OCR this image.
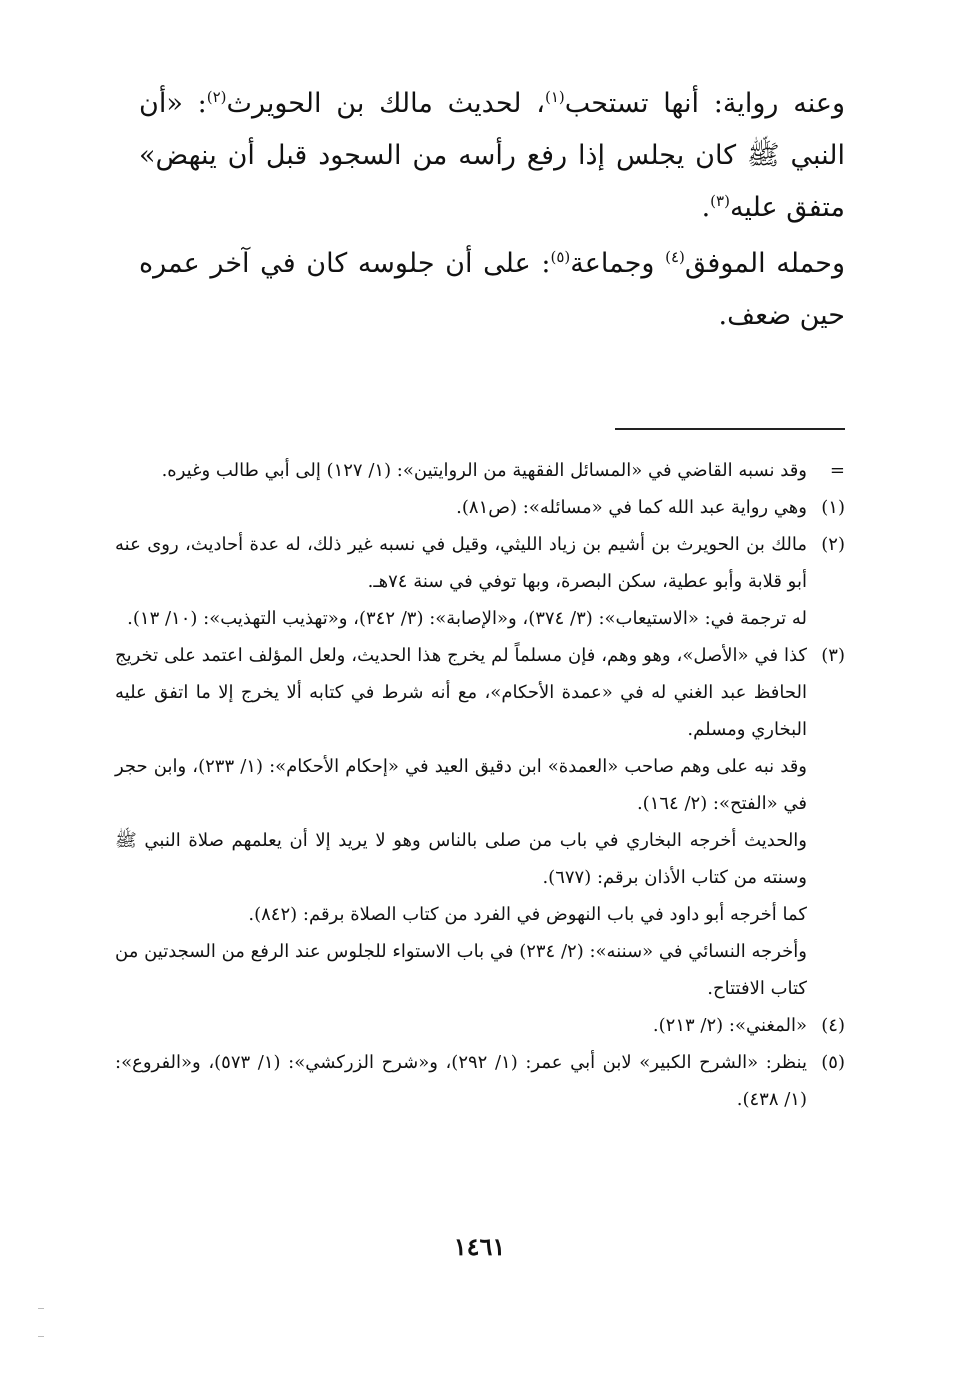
وعنه رواية: أنها تستحب$^{(١)}$، لحديث مالك بن الحويرث$^{(٢)}$: «أن النبي ﷺ كان يجلس إذا رفع رأسه من السجود قبل أن ينهض» متفق عليه$^{(٣)}$.

وحمله الموفق$^{(٤)}$ وجماعة$^{(٥)}$: على أن جلوسه كان في آخر عمره حين ضعف.

=

وقد نسبه القاضي في «المسائل الفقهية من الروايتين»: (١/ ١٢٧) إلى أبي طالب وغيره.

(١)

وهي رواية عبد الله كما في «مسائله»: (ص٨١).

(٢)

مالك بن الحويرث بن أشيم بن زياد الليثي، وقيل في نسبه غير ذلك، له عدة أحاديث، روى عنه أبو قلابة وأبو عطية، سكن البصرة، وبها توفي في سنة ٧٤هـ.

له ترجمة في: «الاستيعاب»: (٣/ ٣٧٤)، و«الإصابة»: (٣/ ٣٤٢)، و«تهذيب التهذيب»: (١٠/ ١٣).

(٣)

كذا في «الأصل»، وهو وهم، فإن مسلماً لم يخرج هذا الحديث، ولعل المؤلف اعتمد على تخريج الحافظ عبد الغني له في «عمدة الأحكام»، مع أنه شرط في كتابه ألا يخرج إلا ما اتفق عليه البخاري ومسلم.

وقد نبه على وهم صاحب «العمدة» ابن دقيق العيد في «إحكام الأحكام»: (١/ ٢٣٣)، وابن حجر في «الفتح»: (٢/ ١٦٤).

والحديث أخرجه البخاري في باب من صلى بالناس وهو لا يريد إلا أن يعلمهم صلاة النبي ﷺ وسنته من كتاب الأذان برقم: (٦٧٧).

كما أخرجه أبو داود في باب النهوض في الفرد من كتاب الصلاة برقم: (٨٤٢).

وأخرجه النسائي في «سننه»: (٢/ ٢٣٤) في باب الاستواء للجلوس عند الرفع من السجدتين من كتاب الافتتاح.

(٤)

«المغني»: (٢/ ٢١٣).

(٥)

ينظر: «الشرح الكبير» لابن أبي عمر: (١/ ٢٩٢)، و«شرح الزركشي»: (١/ ٥٧٣)، و«الفروع»: (١/ ٤٣٨).

١٤٦١
